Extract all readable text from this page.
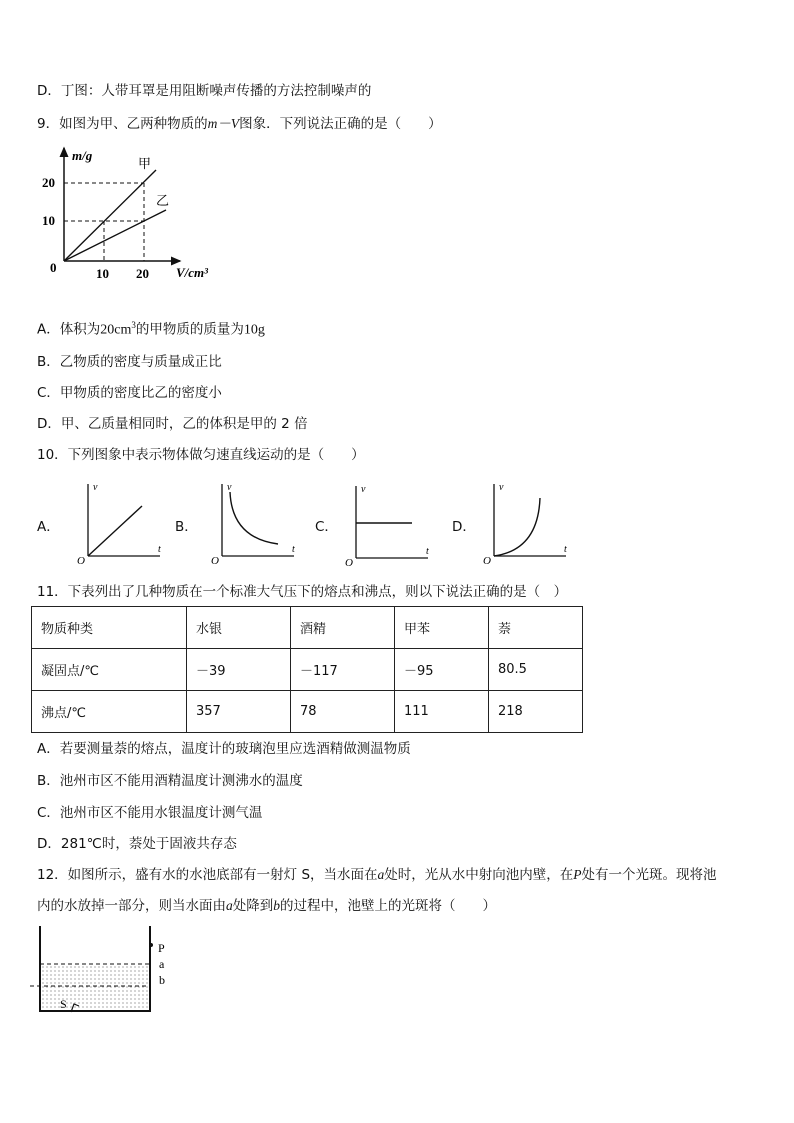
D．丁图：人带耳罩是用阻断噪声传播的方法控制噪声的
9．如图为甲、乙两种物质的m－V图象．下列说法正确的是（　　）
m/g
V/cm³
0
20
10
10 20
甲
乙
A．体积为$20cm^3$的甲物质的质量为10g
B．乙物质的密度与质量成正比
C．甲物质的密度比乙的密度小
D．甲、乙质量相同时，乙的体积是甲的 2 倍
10．下列图象中表示物体做匀速直线运动的是（　　）
A．
v
t
O
B．
v
t
O
C．
v
t
O
D．
v
t
O
11．下表列出了几种物质在一个标准大气压下的熔点和沸点，则以下说法正确的是（　）
物质种类	水银	酒精	甲苯	萘
凝固点/℃	－39	－117	－95	80.5
沸点/℃	357	78	111	218
A．若要测量萘的熔点，温度计的玻璃泡里应选酒精做测温物质
B．池州市区不能用酒精温度计测沸水的温度
C．池州市区不能用水银温度计测气温
D．281℃时，萘处于固液共存态
12．如图所示，盛有水的水池底部有一射灯 S，当水面在a处时，光从水中射向池内壁，在P处有一个光斑。现将池
内的水放掉一部分，则当水面由a处降到b的过程中，池壁上的光斑将（　　）
P
a
b
S
